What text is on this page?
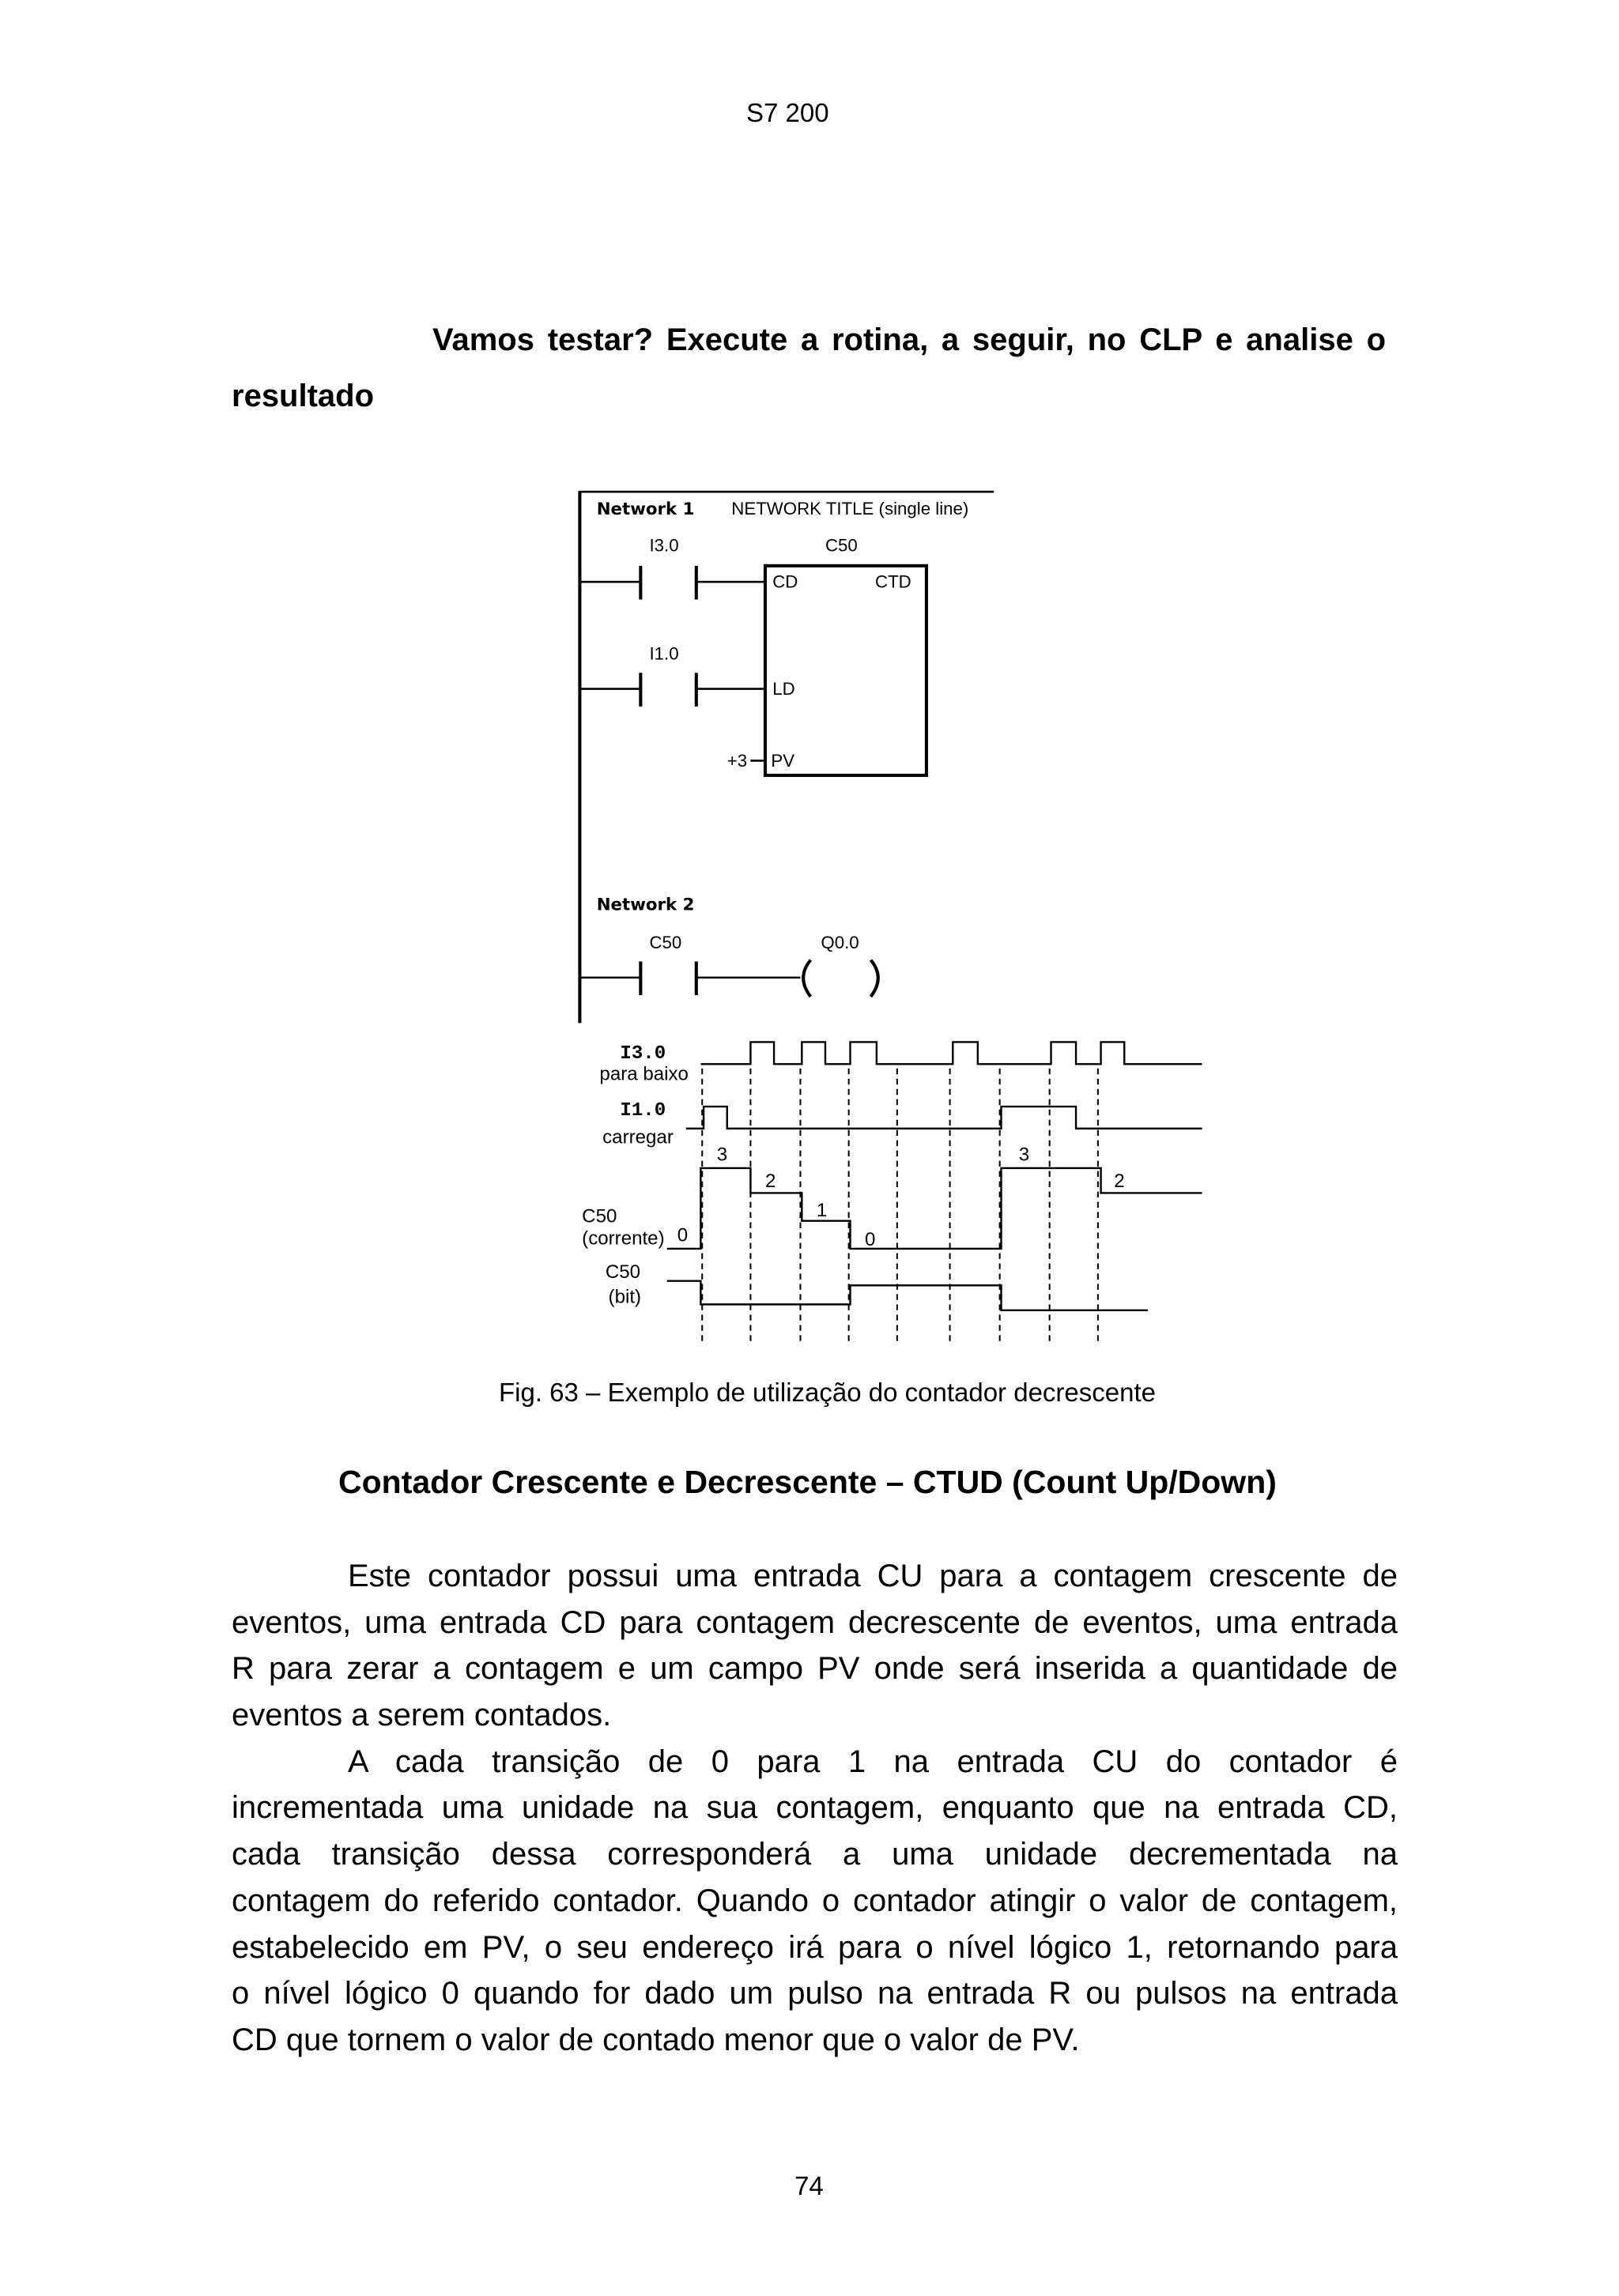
S7 200
Vamos testar? Execute a rotina, a seguir, no CLP e analise o
resultado
Network 1	NETWORK TITLE (single line)
I3.0	C50
CD	CTD
I1.0
LD
+3	PV
Network 2
C50	Q0.0
I3.0
para baixo
I1.0
carregar
C50
(corrente) 0
3
2
1
0
3
2
C50
(bit)
Fig. 63 – Exemplo de utilização do contador decrescente
Contador Crescente e Decrescente – CTUD (Count Up/Down)
Este contador possui uma entrada CU para a contagem crescente de
eventos, uma entrada CD para contagem decrescente de eventos, uma entrada
R para zerar a contagem e um campo PV onde será inserida a quantidade de
eventos a serem contados.
A cada transição de 0 para 1 na entrada CU do contador é
incrementada uma unidade na sua contagem, enquanto que na entrada CD,
cada transição dessa corresponderá a uma unidade decrementada na
contagem do referido contador. Quando o contador atingir o valor de contagem,
estabelecido em PV, o seu endereço irá para o nível lógico 1, retornando para
o nível lógico 0 quando for dado um pulso na entrada R ou pulsos na entrada
CD que tornem o valor de contado menor que o valor de PV.
74
